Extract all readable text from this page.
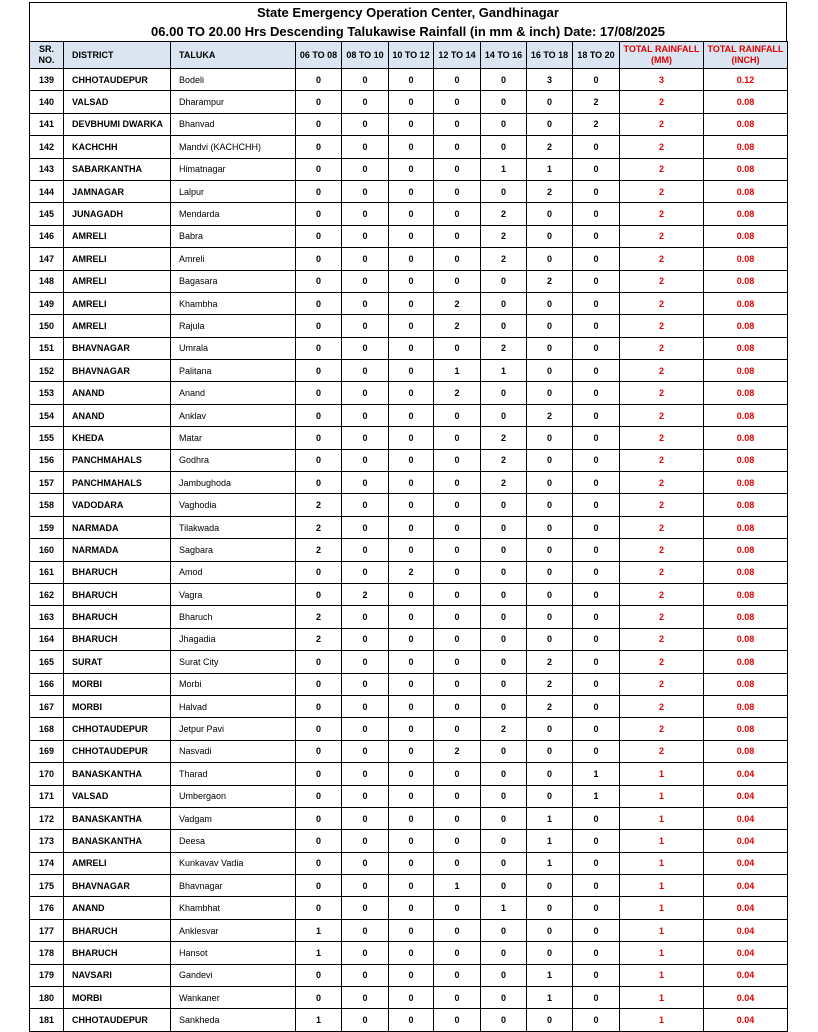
State Emergency Operation Center, Gandhinagar
06.00 TO 20.00 Hrs Descending Talukawise Rainfall (in mm & inch) Date: 17/08/2025
SR. NO.	DISTRICT	TALUKA	06 TO 08	08 TO 10	10 TO 12	12 TO 14	14 TO 16	16 TO 18	18 TO 20	TOTAL RAINFALL (MM)	TOTAL RAINFALL (INCH)
139	CHHOTAUDEPUR	Bodeli	0	0	0	0	0	3	0	3	0.12
140	VALSAD	Dharampur	0	0	0	0	0	0	2	2	0.08
141	DEVBHUMI DWARKA	Bhanvad	0	0	0	0	0	0	2	2	0.08
142	KACHCHH	Mandvi (KACHCHH)	0	0	0	0	0	2	0	2	0.08
143	SABARKANTHA	Himatnagar	0	0	0	0	1	1	0	2	0.08
144	JAMNAGAR	Lalpur	0	0	0	0	0	2	0	2	0.08
145	JUNAGADH	Mendarda	0	0	0	0	2	0	0	2	0.08
146	AMRELI	Babra	0	0	0	0	2	0	0	2	0.08
147	AMRELI	Amreli	0	0	0	0	2	0	0	2	0.08
148	AMRELI	Bagasara	0	0	0	0	0	2	0	2	0.08
149	AMRELI	Khambha	0	0	0	2	0	0	0	2	0.08
150	AMRELI	Rajula	0	0	0	2	0	0	0	2	0.08
151	BHAVNAGAR	Umrala	0	0	0	0	2	0	0	2	0.08
152	BHAVNAGAR	Palitana	0	0	0	1	1	0	0	2	0.08
153	ANAND	Anand	0	0	0	2	0	0	0	2	0.08
154	ANAND	Anklav	0	0	0	0	0	2	0	2	0.08
155	KHEDA	Matar	0	0	0	0	2	0	0	2	0.08
156	PANCHMAHALS	Godhra	0	0	0	0	2	0	0	2	0.08
157	PANCHMAHALS	Jambughoda	0	0	0	0	2	0	0	2	0.08
158	VADODARA	Vaghodia	2	0	0	0	0	0	0	2	0.08
159	NARMADA	Tilakwada	2	0	0	0	0	0	0	2	0.08
160	NARMADA	Sagbara	2	0	0	0	0	0	0	2	0.08
161	BHARUCH	Amod	0	0	2	0	0	0	0	2	0.08
162	BHARUCH	Vagra	0	2	0	0	0	0	0	2	0.08
163	BHARUCH	Bharuch	2	0	0	0	0	0	0	2	0.08
164	BHARUCH	Jhagadia	2	0	0	0	0	0	0	2	0.08
165	SURAT	Surat City	0	0	0	0	0	2	0	2	0.08
166	MORBI	Morbi	0	0	0	0	0	2	0	2	0.08
167	MORBI	Halvad	0	0	0	0	0	2	0	2	0.08
168	CHHOTAUDEPUR	Jetpur Pavi	0	0	0	0	2	0	0	2	0.08
169	CHHOTAUDEPUR	Nasvadi	0	0	0	2	0	0	0	2	0.08
170	BANASKANTHA	Tharad	0	0	0	0	0	0	1	1	0.04
171	VALSAD	Umbergaon	0	0	0	0	0	0	1	1	0.04
172	BANASKANTHA	Vadgam	0	0	0	0	0	1	0	1	0.04
173	BANASKANTHA	Deesa	0	0	0	0	0	1	0	1	0.04
174	AMRELI	Kunkavav Vadia	0	0	0	0	0	1	0	1	0.04
175	BHAVNAGAR	Bhavnagar	0	0	0	1	0	0	0	1	0.04
176	ANAND	Khambhat	0	0	0	0	1	0	0	1	0.04
177	BHARUCH	Anklesvar	1	0	0	0	0	0	0	1	0.04
178	BHARUCH	Hansot	1	0	0	0	0	0	0	1	0.04
179	NAVSARI	Gandevi	0	0	0	0	0	1	0	1	0.04
180	MORBI	Wankaner	0	0	0	0	0	1	0	1	0.04
181	CHHOTAUDEPUR	Sankheda	1	0	0	0	0	0	0	1	0.04
